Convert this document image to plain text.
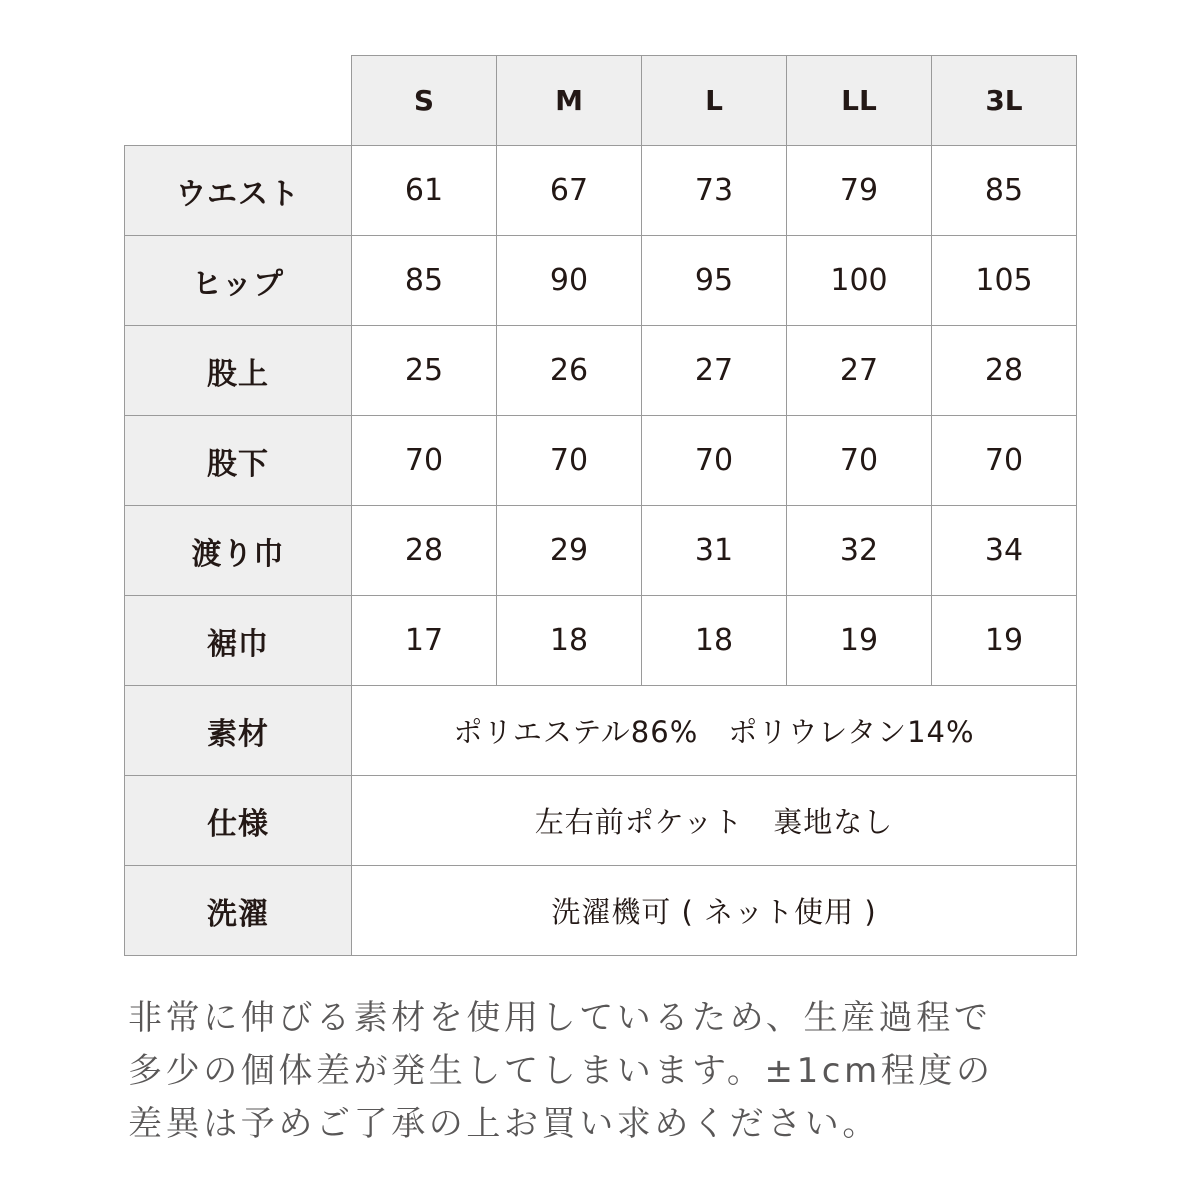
	S	M	L	LL	3L
ウエスト	61	67	73	79	85
ヒップ	85	90	95	100	105
股上	25	26	27	27	28
股下	70	70	70	70	70
渡り巾	28	29	31	32	34
裾巾	17	18	18	19	19
素材	ポリエステル86%　ポリウレタン14%				
仕様	左右前ポケット　裏地なし				
洗濯	洗濯機可 ( ネット使用 )				

非常に伸びる素材を使用しているため、生産過程で
多少の個体差が発生してしまいます。±1cm程度の
差異は予めご了承の上お買い求めください。
